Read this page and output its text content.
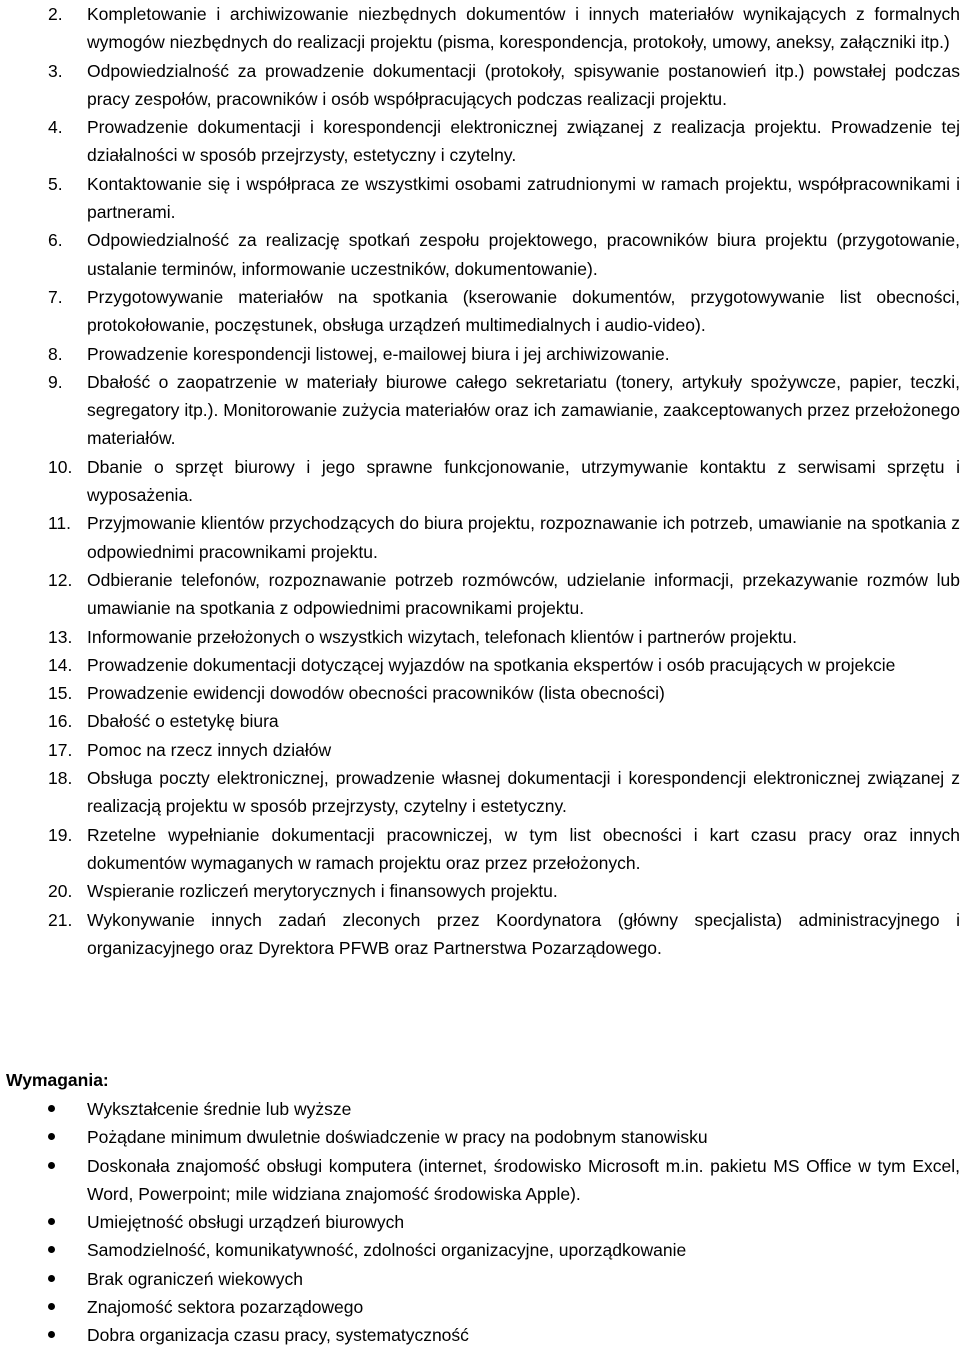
2.	Kompletowanie i archiwizowanie niezbędnych dokumentów i innych materiałów wynikających z formalnych wymogów niezbędnych do realizacji projektu (pisma, korespondencja, protokoły, umowy, aneksy, załączniki itp.)
3.	Odpowiedzialność za prowadzenie dokumentacji (protokoły, spisywanie postanowień itp.) powstałej podczas pracy zespołów, pracowników i osób współpracujących podczas realizacji projektu.
4.	Prowadzenie dokumentacji i korespondencji elektronicznej związanej z realizacja projektu. Prowadzenie tej działalności w sposób przejrzysty, estetyczny i czytelny.
5.	Kontaktowanie się i współpraca ze wszystkimi osobami zatrudnionymi w ramach projektu, współpracownikami i partnerami.
6.	Odpowiedzialność za realizację spotkań zespołu projektowego, pracowników biura projektu (przygotowanie, ustalanie terminów, informowanie uczestników, dokumentowanie).
7.	Przygotowywanie materiałów na spotkania (kserowanie dokumentów, przygotowywanie list obecności, protokołowanie, poczęstunek, obsługa urządzeń multimedialnych i audio-video).
8.	Prowadzenie korespondencji listowej, e-mailowej biura i jej archiwizowanie.
9.	Dbałość o zaopatrzenie w materiały biurowe całego sekretariatu (tonery, artykuły spożywcze, papier, teczki, segregatory itp.). Monitorowanie zużycia materiałów oraz ich zamawianie, zaakceptowanych przez przełożonego materiałów.
10. Dbanie o sprzęt biurowy i jego sprawne funkcjonowanie, utrzymywanie kontaktu z serwisami sprzętu i wyposażenia.
11. Przyjmowanie klientów przychodzących do biura projektu, rozpoznawanie ich potrzeb, umawianie na spotkania z odpowiednimi pracownikami projektu.
12. Odbieranie telefonów, rozpoznawanie potrzeb rozmówców, udzielanie informacji, przekazywanie rozmów lub umawianie na spotkania z odpowiednimi pracownikami projektu.
13. Informowanie przełożonych o wszystkich wizytach, telefonach klientów i partnerów projektu.
14. Prowadzenie dokumentacji dotyczącej wyjazdów na spotkania ekspertów i osób pracujących w projekcie
15. Prowadzenie ewidencji dowodów obecności pracowników (lista obecności)
16. Dbałość o estetykę biura
17. Pomoc na rzecz innych działów
18. Obsługa poczty elektronicznej, prowadzenie własnej dokumentacji i korespondencji elektronicznej związanej z realizacją projektu w sposób przejrzysty, czytelny i estetyczny.
19. Rzetelne wypełnianie dokumentacji pracowniczej, w tym list obecności i kart czasu pracy oraz innych dokumentów wymaganych w ramach projektu oraz przez przełożonych.
20. Wspieranie rozliczeń merytorycznych i finansowych projektu.
21. Wykonywanie innych zadań zleconych przez Koordynatora (główny specjalista) administracyjnego i organizacyjnego oraz Dyrektora PFWB oraz Partnerstwa Pozarządowego.
Wymagania:
Wykształcenie średnie lub wyższe
Pożądane minimum dwuletnie doświadczenie w pracy na podobnym stanowisku
Doskonała znajomość obsługi komputera (internet, środowisko Microsoft m.in. pakietu MS Office w tym Excel, Word, Powerpoint; mile widziana znajomość środowiska Apple).
Umiejętność obsługi urządzeń biurowych
Samodzielność, komunikatywność, zdolności organizacyjne, uporządkowanie
Brak ograniczeń wiekowych
Znajomość sektora pozarządowego
Dobra organizacja czasu pracy, systematyczność
